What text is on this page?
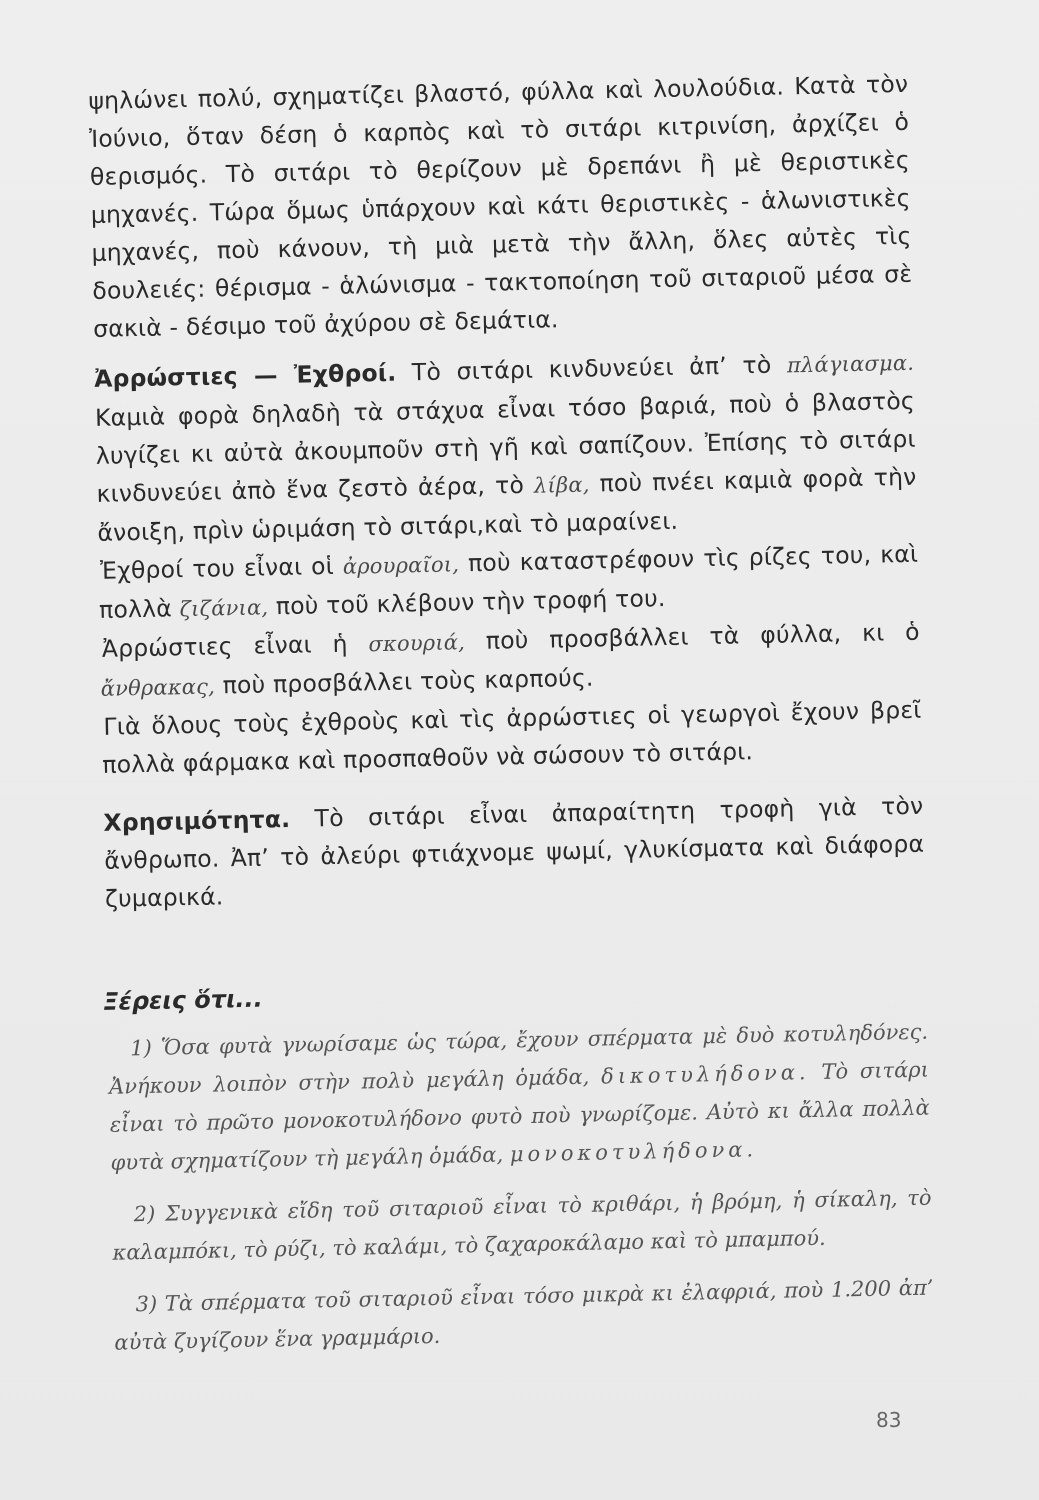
ψηλώνει πολύ, σχηματίζει βλαστό, φύλλα καὶ λουλούδια. Κατὰ τὸν Ἰούνιο, ὅταν δέση ὁ καρπὸς καὶ τὸ σιτάρι κιτρινίση, ἀρχίζει ὁ θερισμός. Τὸ σιτάρι τὸ θερίζουν μὲ δρεπάνι ἢ μὲ θεριστικὲς μηχανές. Τώρα ὅμως ὑπάρχουν καὶ κάτι θεριστικὲς - ἁλωνιστικὲς μηχανές, ποὺ κάνουν, τὴ μιὰ μετὰ τὴν ἄλλη, ὅλες αὐτὲς τὶς δουλειές: θέρισμα - ἁλώνισμα - τακτοποίηση τοῦ σιταριοῦ μέσα σὲ σακιὰ - δέσιμο τοῦ ἀχύρου σὲ δεμάτια.

Ἀρρώστιες — Ἐχθροί. Τὸ σιτάρι κινδυνεύει ἀπ’ τὸ πλάγιασμα. Καμιὰ φορὰ δηλαδὴ τὰ στάχυα εἶναι τόσο βαριά, ποὺ ὁ βλαστὸς λυγίζει κι αὐτὰ ἀκουμποῦν στὴ γῆ καὶ σαπίζουν. Ἐπίσης τὸ σιτάρι κινδυνεύει ἀπὸ ἕνα ζεστὸ ἀέρα, τὸ λίβα, ποὺ πνέει καμιὰ φορὰ τὴν ἄνοιξη, πρὶν ὡριμάση τὸ σιτάρι,καὶ τὸ μαραίνει.

Ἐχθροί του εἶναι οἱ ἀρουραῖοι, ποὺ καταστρέφουν τὶς ρίζες του, καὶ πολλὰ ζιζάνια, ποὺ τοῦ κλέβουν τὴν τροφή του.

Ἀρρώστιες εἶναι ἡ σκουριά, ποὺ προσβάλλει τὰ φύλλα, κι ὁ ἄνθρακας, ποὺ προσβάλλει τοὺς καρπούς.

Γιὰ ὅλους τοὺς ἐχθροὺς καὶ τὶς ἀρρώστιες οἱ γεωργοὶ ἔχουν βρεῖ πολλὰ φάρμακα καὶ προσπαθοῦν νὰ σώσουν τὸ σιτάρι.

Χρησιμότητα. Τὸ σιτάρι εἶναι ἀπαραίτητη τροφὴ γιὰ τὸν ἄνθρωπο. Ἀπ’ τὸ ἀλεύρι φτιάχνομε ψωμί, γλυκίσματα καὶ διάφορα ζυμαρικά.

Ξέρεις ὅτι...

1) Ὅσα φυτὰ γνωρίσαμε ὡς τώρα, ἔχουν σπέρματα μὲ δυὸ κοτυληδόνες. Ἀνήκουν λοιπὸν στὴν πολὺ μεγάλη ὁμάδα, δικοτυλήδονα. Τὸ σιτάρι εἶναι τὸ πρῶτο μονοκοτυλήδονο φυτὸ ποὺ γνωρίζομε. Αὐτὸ κι ἄλλα πολλὰ φυτὰ σχηματίζουν τὴ μεγάλη ὁμάδα, μονοκοτυλήδονα.

2) Συγγενικὰ εἴδη τοῦ σιταριοῦ εἶναι τὸ κριθάρι, ἡ βρόμη, ἡ σίκαλη, τὸ καλαμπόκι, τὸ ρύζι, τὸ καλάμι, τὸ ζαχαροκάλαμο καὶ τὸ μπαμπού.

3) Τὰ σπέρματα τοῦ σιταριοῦ εἶναι τόσο μικρὰ κι ἐλαφριά, ποὺ 1.200 ἀπ’ αὐτὰ ζυγίζουν ἕνα γραμμάριο.

83
